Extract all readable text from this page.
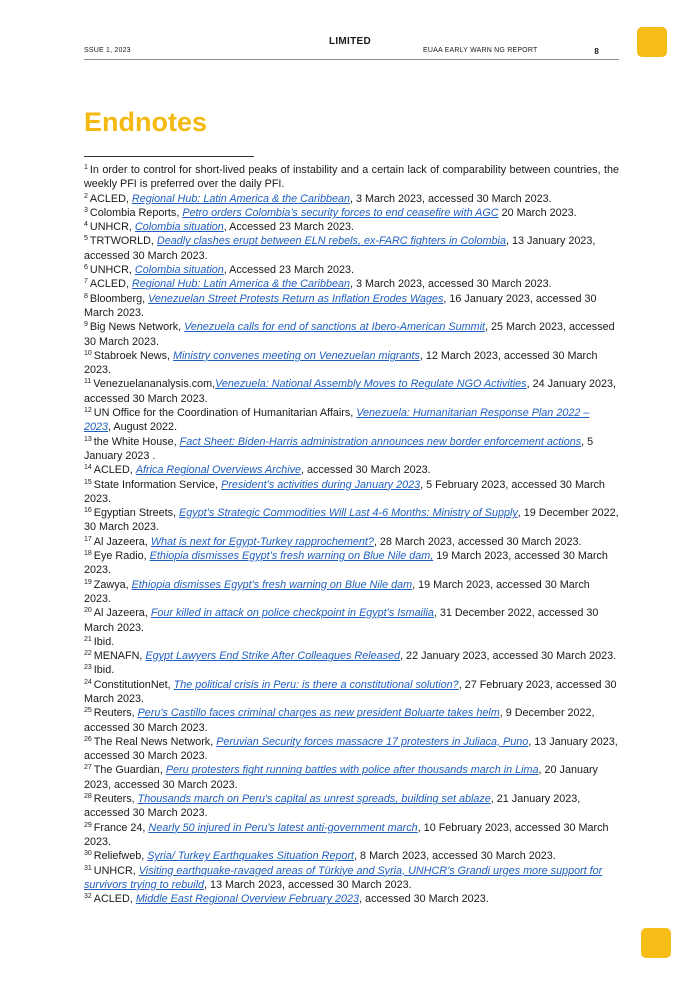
LIMITED
SSUE 1, 2023	EUAA EARLY WARN NG REPORT	8
Endnotes
$^1$ In order to control for short-lived peaks of instability and a certain lack of comparability between countries, the weekly PFI is preferred over the daily PFI.
$^2$ ACLED, Regional Hub: Latin America & the Caribbean, 3 March 2023, accessed 30 March 2023.
$^3$ Colombia Reports, Petro orders Colombia’s security forces to end ceasefire with AGC 20 March 2023.
$^4$ UNHCR, Colombia situation, Accessed 23 March 2023.
$^5$ TRTWORLD, Deadly clashes erupt between ELN rebels, ex-FARC fighters in Colombia, 13 January 2023, accessed 30 March 2023.
$^6$ UNHCR, Colombia situation, Accessed 23 March 2023.
$^7$ ACLED, Regional Hub: Latin America & the Caribbean, 3 March 2023, accessed 30 March 2023.
$^8$ Bloomberg, Venezuelan Street Protests Return as Inflation Erodes Wages, 16 January 2023, accessed 30 March 2023.
$^9$ Big News Network, Venezuela calls for end of sanctions at Ibero-American Summit, 25 March 2023, accessed 30 March 2023.
$^{10}$ Stabroek News, Ministry convenes meeting on Venezuelan migrants, 12 March 2023, accessed 30 March 2023.
$^{11}$ Venezuelananalysis.com,Venezuela: National Assembly Moves to Regulate NGO Activities, 24 January 2023, accessed 30 March 2023.
$^{12}$ UN Office for the Coordination of Humanitarian Affairs, Venezuela: Humanitarian Response Plan 2022 – 2023, August 2022.
$^{13}$ the White House, Fact Sheet: Biden-Harris administration announces new border enforcement actions, 5 January 2023 .
$^{14}$ ACLED, Africa Regional Overviews Archive, accessed 30 March 2023.
$^{15}$ State Information Service, President’s activities during January 2023, 5 February 2023, accessed 30 March 2023.
$^{16}$ Egyptian Streets, Egypt’s Strategic Commodities Will Last 4-6 Months: Ministry of Supply, 19 December 2022, 30 March 2023.
$^{17}$ Al Jazeera, What is next for Egypt-Turkey rapprochement?, 28 March 2023, accessed 30 March 2023.
$^{18}$ Eye Radio, Ethiopia dismisses Egypt’s fresh warning on Blue Nile dam, 19 March 2023, accessed 30 March 2023.
$^{19}$ Zawya, Ethiopia dismisses Egypt's fresh warning on Blue Nile dam, 19 March 2023, accessed 30 March 2023.
$^{20}$ Al Jazeera, Four killed in attack on police checkpoint in Egypt’s Ismailia, 31 December 2022, accessed 30 March 2023.
$^{21}$ Ibid.
$^{22}$ MENAFN, Egypt Lawyers End Strike After Colleagues Released, 22 January 2023, accessed 30 March 2023.
$^{23}$ Ibid.
$^{24}$ ConstitutionNet, The political crisis in Peru: is there a constitutional solution?, 27 February 2023, accessed 30 March 2023.
$^{25}$ Reuters, Peru's Castillo faces criminal charges as new president Boluarte takes helm, 9 December 2022, accessed 30 March 2023.
$^{26}$ The Real News Network, Peruvian Security forces massacre 17 protesters in Juliaca, Puno, 13 January 2023, accessed 30 March 2023.
$^{27}$ The Guardian, Peru protesters fight running battles with police after thousands march in Lima, 20 January 2023, accessed 30 March 2023.
$^{28}$ Reuters, Thousands march on Peru's capital as unrest spreads, building set ablaze, 21 January 2023, accessed 30 March 2023.
$^{29}$ France 24, Nearly 50 injured in Peru’s latest anti-government march, 10 February 2023, accessed 30 March 2023.
$^{30}$ Reliefweb, Syria/ Turkey Earthquakes Situation Report, 8 March 2023, accessed 30 March 2023.
$^{31}$ UNHCR, Visiting earthquake-ravaged areas of Türkiye and Syria, UNHCR’s Grandi urges more support for survivors trying to rebuild, 13 March 2023, accessed 30 March 2023.
$^{32}$ ACLED, Middle East Regional Overview February 2023, accessed 30 March 2023.
